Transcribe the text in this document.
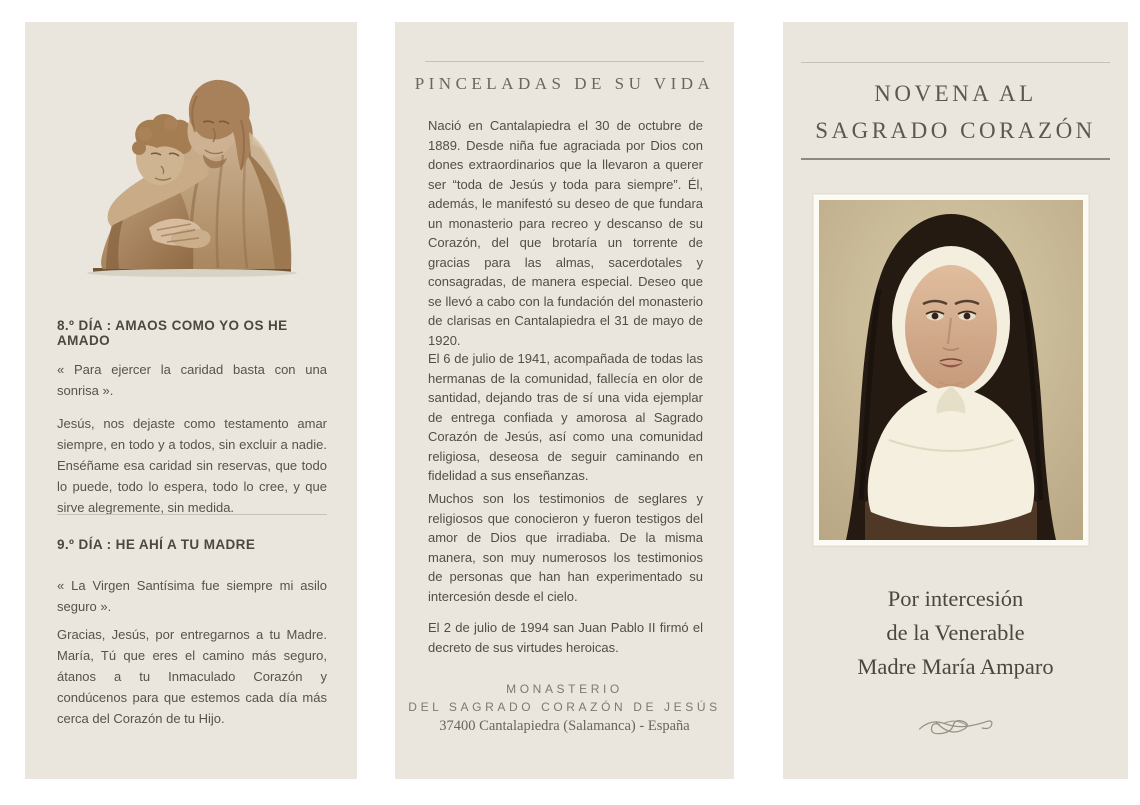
8.º DÍA : AMAOS COMO YO OS HE AMADO
« Para ejercer la caridad basta con una sonrisa ».
Jesús, nos dejaste como testamento amar siempre, en todo y a todos, sin excluir a nadie. Enséñame esa caridad sin reservas, que todo lo puede, todo lo espera, todo lo cree, y que sirve alegremente, sin medida.
9.º DÍA : HE AHÍ A TU MADRE
« La Virgen Santísima fue siempre mi asilo seguro ».
Gracias, Jesús, por entregarnos a tu Madre. María, Tú que eres el camino más seguro, átanos a tu Inmaculado Corazón y condúcenos para que estemos cada día más cerca del Corazón de tu Hijo.
PINCELADAS DE SU VIDA
Nació en Cantalapiedra el 30 de octubre de 1889. Desde niña fue agraciada por Dios con dones extraordinarios que la llevaron a querer ser “toda de Jesús y toda para siempre”. Él, además, le manifestó su deseo de que fundara un monasterio para recreo y descanso de su Corazón, del que brotaría un torrente de gracias para las almas, sacerdotales y consagradas, de manera especial. Deseo que se llevó a cabo con la fundación del monasterio de clarisas en Cantalapiedra el 31 de mayo de 1920.
El 6 de julio de 1941, acompañada de todas las hermanas de la comunidad, fallecía en olor de santidad, dejando tras de sí una vida ejemplar de entrega confiada y amorosa al Sagrado Corazón de Jesús, así como una comunidad religiosa, deseosa de seguir caminando en fidelidad a sus enseñanzas.
Muchos son los testimonios de seglares y religiosos que conocieron y fueron testigos del amor de Dios que irradiaba. De la misma manera, son muy numerosos los testimonios de personas que han han experimentado su intercesión desde el cielo.
El 2 de julio de 1994 san Juan Pablo II firmó el decreto de sus virtudes heroicas.
MONASTERIO
DEL SAGRADO CORAZÓN DE JESÚS
37400 Cantalapiedra (Salamanca) - España
NOVENA AL
SAGRADO CORAZÓN
Por intercesión
de la Venerable
Madre María Amparo
